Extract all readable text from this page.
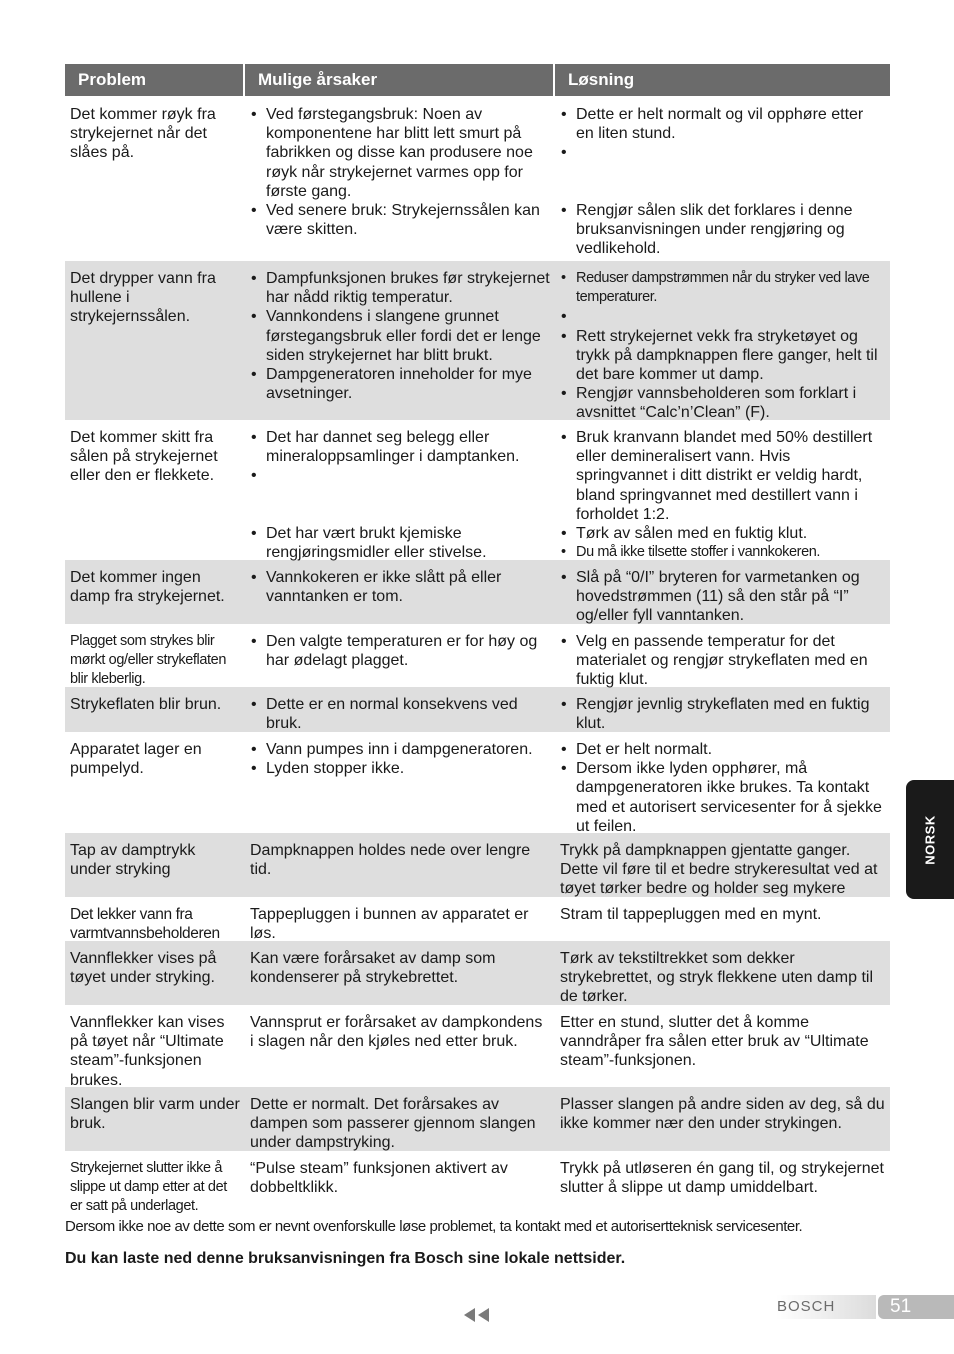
Problem	Mulige årsaker	Løsning
Det kommer røyk fra strykejernet når det slåes på.
• Ved førstegangsbruk: Noen av komponentene har blitt lett smurt på fabrikken og disse kan produsere noe røyk når strykejernet varmes opp for første gang.
• Ved senere bruk: Strykejernssålen kan være skitten.
• Dette er helt normalt og vil opphøre etter en liten stund.
•
• Rengjør sålen slik det forklares i denne bruksanvisningen under rengjøring og vedlikehold.
Det drypper vann fra hullene i strykejernssålen.
• Dampfunksjonen brukes før strykejernet har nådd riktig temperatur.
• Vannkondens i slangene grunnet førstegangsbruk eller fordi det er lenge siden strykejernet har blitt brukt.
• Dampgeneratoren inneholder for mye avsetninger.
• Reduser dampstrømmen når du stryker ved lave temperaturer.
•
• Rett strykejernet vekk fra stryketøyet og trykk på dampknappen flere ganger, helt til det bare kommer ut damp.
• Rengjør vannsbeholderen som forklart i avsnittet “Calc’n’Clean” (F).
Det kommer skitt fra sålen på strykejernet eller den er flekkete.
• Det har dannet seg belegg eller mineraloppsamlinger i damptanken.
•
• Det har vært brukt kjemiske rengjøringsmidler eller stivelse.
• Bruk kranvann blandet med 50% destillert eller demineralisert vann. Hvis springvannet i ditt distrikt er veldig hardt, bland springvannet med destillert vann i forholdet 1:2.
• Tørk av sålen med en fuktig klut.
• Du må ikke tilsette stoffer i vannkokeren.
Det kommer ingen damp fra strykejernet.
• Vannkokeren er ikke slått på eller vanntanken er tom.
• Slå på “0/I” bryteren for varmetanken og hovedstrømmen (11) så den står på “I” og/eller fyll vanntanken.
Plagget som strykes blir mørkt og/eller strykeflaten blir kleberlig.
• Den valgte temperaturen er for høy og har ødelagt plagget.
• Velg en passende temperatur for det materialet og rengjør strykeflaten med en fuktig klut.
Strykeflaten blir brun.
•	Dette er en normal konsekvens ved bruk.
• Rengjør jevnlig strykeflaten med en fuktig klut.
Apparatet lager en pumpelyd.
• Vann pumpes inn i dampgeneratoren.
• Lyden stopper ikke.
• Det er helt normalt.
• Dersom ikke lyden opphører, må dampgeneratoren ikke brukes. Ta kontakt med et autorisert servicesenter for å sjekke ut feilen.
Tap av damptrykk under stryking
Dampknappen holdes nede over lengre tid.
Trykk på dampknappen gjentatte ganger. Dette vil føre til et bedre strykeresultat ved at tøyet tørker bedre og holder seg mykere
Det lekker vann fra varmtvannsbeholderen
Tappepluggen i bunnen av apparatet er løs.
Stram til tappepluggen med en mynt.
Vannflekker vises på tøyet under stryking.
Kan være forårsaket av damp som kondenserer på strykebrettet.
Tørk av tekstiltrekket som dekker strykebrettet, og stryk flekkene uten damp til de tørker.
Vannflekker kan vises på tøyet når “Ultimate steam”-funksjonen brukes.
Vannsprut er forårsaket av dampkondens i slagen når den kjøles ned etter bruk.
Etter en stund, slutter det å komme vanndråper fra sålen etter bruk av “Ultimate steam”-funksjonen.
Slangen blir varm under bruk.
Dette er normalt. Det forårsakes av dampen som passerer gjennom slangen under dampstryking.
Plasser slangen på andre siden av deg, så du ikke kommer nær den under strykingen.
Strykejernet slutter ikke å slippe ut damp etter at det er satt på underlaget.
“Pulse steam” funksjonen aktivert av dobbeltklikk.
Trykk på utløseren én gang til, og strykejernet slutter å slippe ut damp umiddelbart.
Dersom ikke noe av dette som er nevnt ovenforskulle løse problemet, ta kontakt med et autorisertteknisk servicesenter.
Du kan laste ned denne bruksanvisningen fra Bosch sine lokale nettsider.
NORSK
BOSCH	51
